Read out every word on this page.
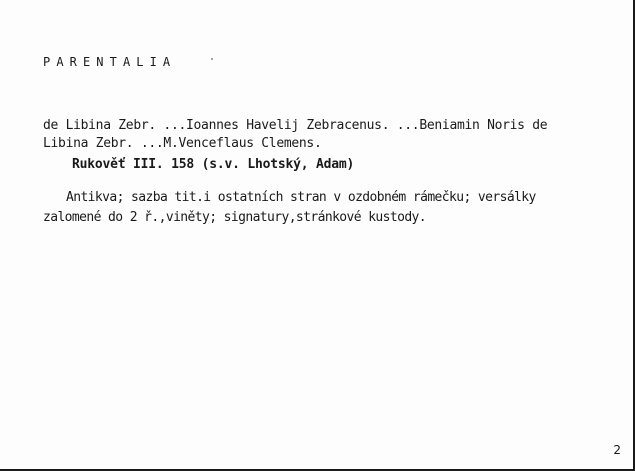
PARENTALIA
de Libina Zebr. ...Ioannes Havelij Zebracenus. ...Beniamin Noris de
Libina Zebr. ...M.Venceflaus Clemens.
Rukověť III. 158 (s.v. Lhotský, Adam)
Antikva; sazba tit.i ostatních stran v ozdobném rámečku; versálky
zalomené do 2 ř.,viněty; signatury,stránkové kustody.
2
